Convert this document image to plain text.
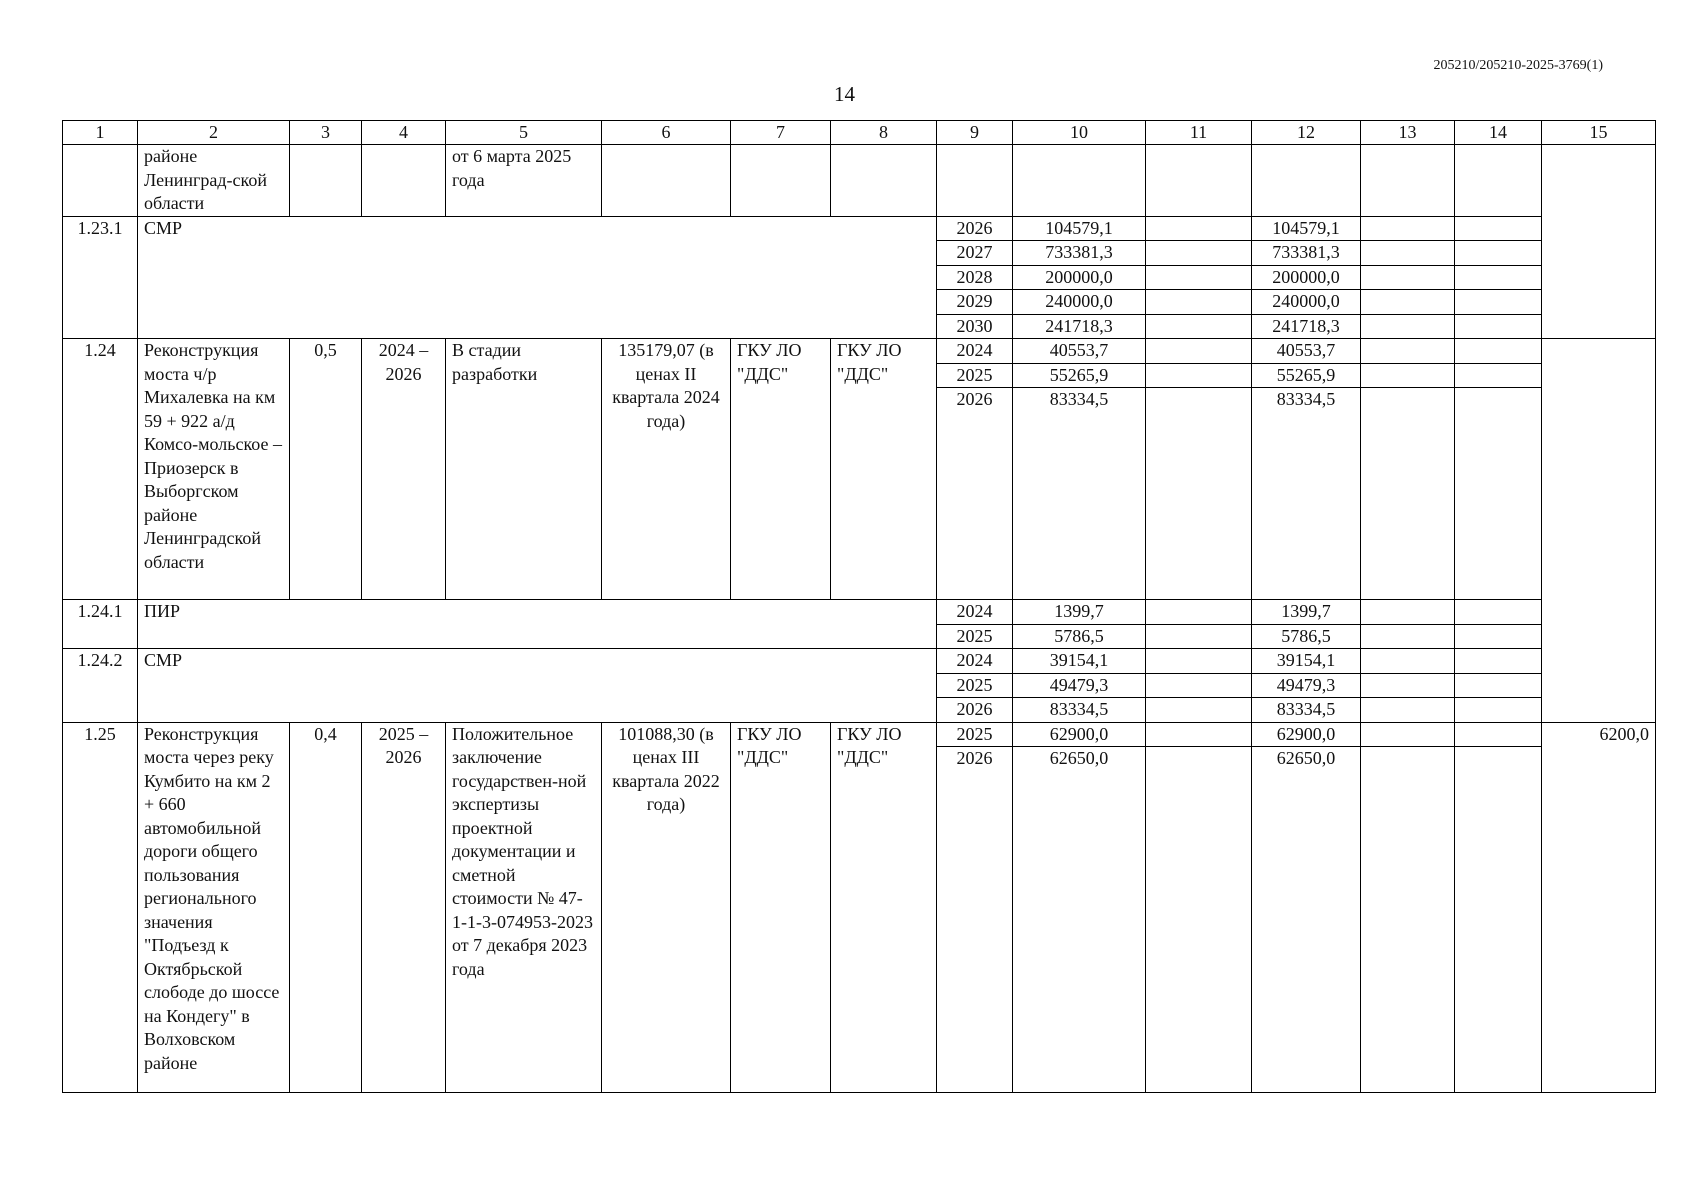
205210/205210-2025-3769(1)
14
1	2	3	4	5	6	7	8	9	10	11	12	13	14	15
	районе Ленинград-ской области			от 6 марта 2025 года										
1.23.1	СМР							2026	104579,1		104579,1			
								2027	733381,3		733381,3			
								2028	200000,0		200000,0			
								2029	240000,0		240000,0			
								2030	241718,3		241718,3			
1.24	Реконструкция моста ч/р Михалевка на км 59 + 922 а/д Комсо-мольское – Приозерск в Выборгском районе Ленинградской области	0,5	2024 – 2026	В стадии разработки	135179,07 (в ценах II квартала 2024 года)	ГКУ ЛО "ДДС"	ГКУ ЛО "ДДС"	2024	40553,7		40553,7			
								2025	55265,9		55265,9			
								2026	83334,5		83334,5			
1.24.1	ПИР							2024	1399,7		1399,7			
								2025	5786,5		5786,5			
1.24.2	СМР							2024	39154,1		39154,1			
								2025	49479,3		49479,3			
								2026	83334,5		83334,5			
1.25	Реконструкция моста через реку Кумбито на км 2 + 660 автомобильной дороги общего пользования регионального значения "Подъезд к Октябрьской слободе до шоссе на Кондегу" в Волховском районе	0,4	2025 – 2026	Положительное заключение государствен-ной экспертизы проектной документации и сметной стоимости № 47-1-1-3-074953-2023 от 7 декабря 2023 года	101088,30 (в ценах III квартала 2022 года)	ГКУ ЛО "ДДС"	ГКУ ЛО "ДДС"	2025	62900,0		62900,0			6200,0
								2026	62650,0		62650,0			
